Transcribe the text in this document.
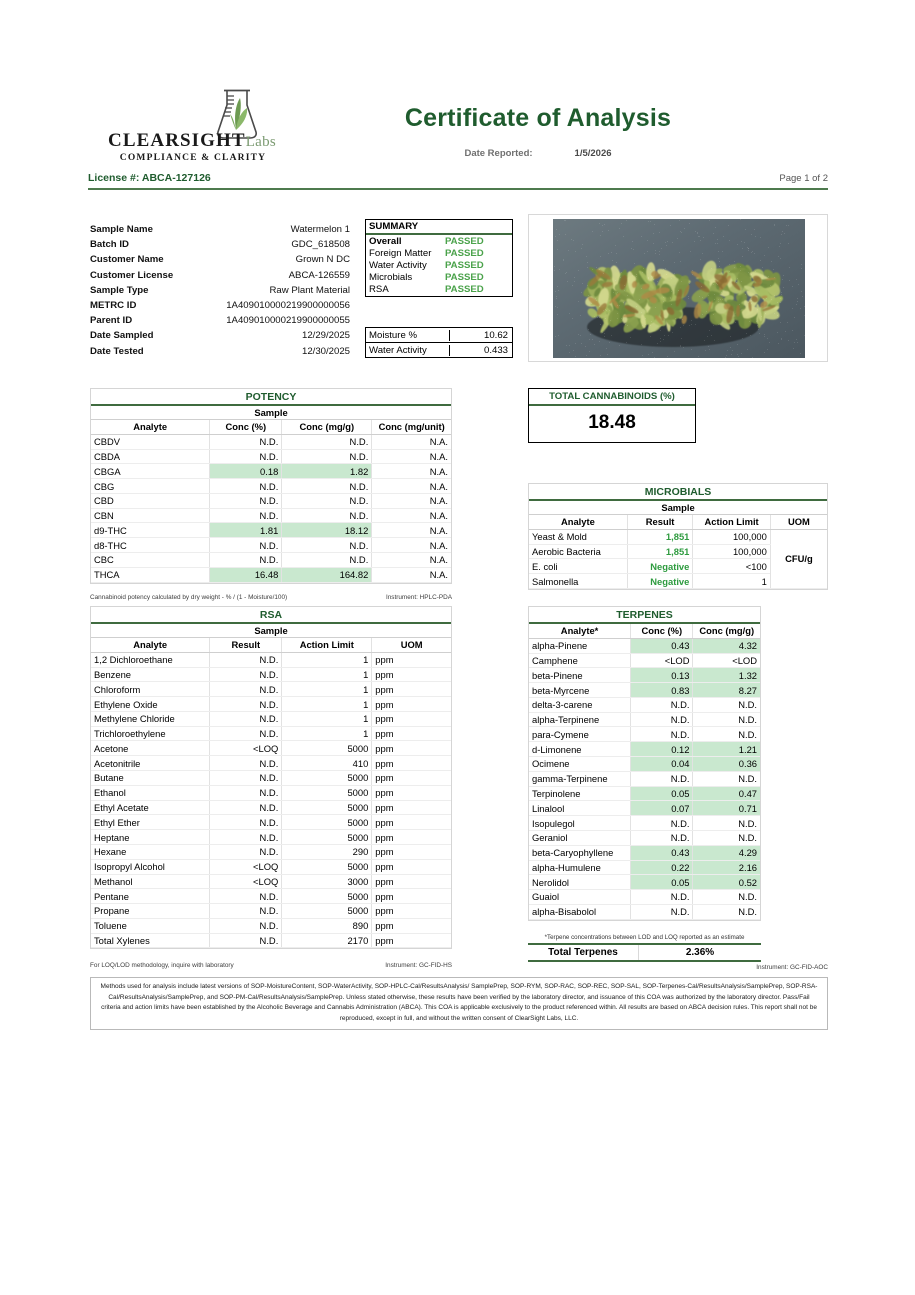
CLEARSIGHTLabs
COMPLIANCE & CLARITY
Certificate of Analysis
Date Reported:	1/5/2026
License #: ABCA-127126	Page 1 of 2
Sample Name	Watermelon 1
Batch ID	GDC_618508
Customer Name	Grown N DC
Customer License	ABCA-126559
Sample Type	Raw Plant Material
METRC ID	1A409010000219900000056
Parent ID	1A409010000219900000055
Date Sampled	12/29/2025
Date Tested	12/30/2025
SUMMARY
Overall	PASSED
Foreign Matter	PASSED
Water Activity	PASSED
Microbials	PASSED
RSA	PASSED
Moisture %	10.62
Water Activity	0.433
POTENCY
Sample
Analyte	Conc (%)	Conc (mg/g)	Conc (mg/unit)
CBDV	N.D.	N.D.	N.A.
CBDA	N.D.	N.D.	N.A.
CBGA	0.18	1.82	N.A.
CBG	N.D.	N.D.	N.A.
CBD	N.D.	N.D.	N.A.
CBN	N.D.	N.D.	N.A.
d9-THC	1.81	18.12	N.A.
d8-THC	N.D.	N.D.	N.A.
CBC	N.D.	N.D.	N.A.
THCA	16.48	164.82	N.A.
Cannabinoid potency calculated by dry weight - % / (1 - Moisture/100)	Instrument: HPLC-PDA
RSA
Sample
Analyte	Result	Action Limit	UOM
1,2 Dichloroethane	N.D.	1	ppm
Benzene	N.D.	1	ppm
Chloroform	N.D.	1	ppm
Ethylene Oxide	N.D.	1	ppm
Methylene Chloride	N.D.	1	ppm
Trichloroethylene	N.D.	1	ppm
Acetone	<LOQ	5000	ppm
Acetonitrile	N.D.	410	ppm
Butane	N.D.	5000	ppm
Ethanol	N.D.	5000	ppm
Ethyl Acetate	N.D.	5000	ppm
Ethyl Ether	N.D.	5000	ppm
Heptane	N.D.	5000	ppm
Hexane	N.D.	290	ppm
Isopropyl Alcohol	<LOQ	5000	ppm
Methanol	<LOQ	3000	ppm
Pentane	N.D.	5000	ppm
Propane	N.D.	5000	ppm
Toluene	N.D.	890	ppm
Total Xylenes	N.D.	2170	ppm
For LOQ/LOD methodology, inquire with laboratory	Instrument: GC-FID-HS
TOTAL CANNABINOIDS (%)
18.48
MICROBIALS
Sample
Analyte	Result	Action Limit	UOM
Yeast & Mold	1,851	100,000	CFU/g
Aerobic Bacteria	1,851	100,000	
E. coli	Negative	<100	
Salmonella	Negative	1	
TERPENES
Analyte*	Conc (%)	Conc (mg/g)
alpha-Pinene	0.43	4.32
Camphene	<LOD	<LOD
beta-Pinene	0.13	1.32
beta-Myrcene	0.83	8.27
delta-3-carene	N.D.	N.D.
alpha-Terpinene	N.D.	N.D.
para-Cymene	N.D.	N.D.
d-Limonene	0.12	1.21
Ocimene	0.04	0.36
gamma-Terpinene	N.D.	N.D.
Terpinolene	0.05	0.47
Linalool	0.07	0.71
Isopulegol	N.D.	N.D.
Geraniol	N.D.	N.D.
beta-Caryophyllene	0.43	4.29
alpha-Humulene	0.22	2.16
Nerolidol	0.05	0.52
Guaiol	N.D.	N.D.
alpha-Bisabolol	N.D.	N.D.
*Terpene concentrations between LOD and LOQ reported as an estimate
Total Terpenes	2.36%
Instrument: GC-FID-AOC
Methods used for analysis include latest versions of SOP-MoistureContent, SOP-WaterActivity, SOP-HPLC-Cal/ResultsAnalysis/ SamplePrep, SOP-RYM, SOP-RAC, SOP-REC, SOP-SAL, SOP-Terpenes-Cal/ResultsAnalysis/SamplePrep, SOP-RSA-Cal/ResultsAnalysis/SamplePrep, and SOP-PM-Cal/ResultsAnalysis/SamplePrep. Unless stated otherwise, these results have been verified by the laboratory director, and issuance of this COA was authorized by the laboratory director. Pass/Fail criteria and action limits have been established by the Alcoholic Beverage and Cannabis Administration (ABCA). This COA is applicable exclusively to the product referenced within. All results are based on ABCA decision rules. This report shall not be reproduced, except in full, and without the written consent of ClearSight Labs, LLC.
